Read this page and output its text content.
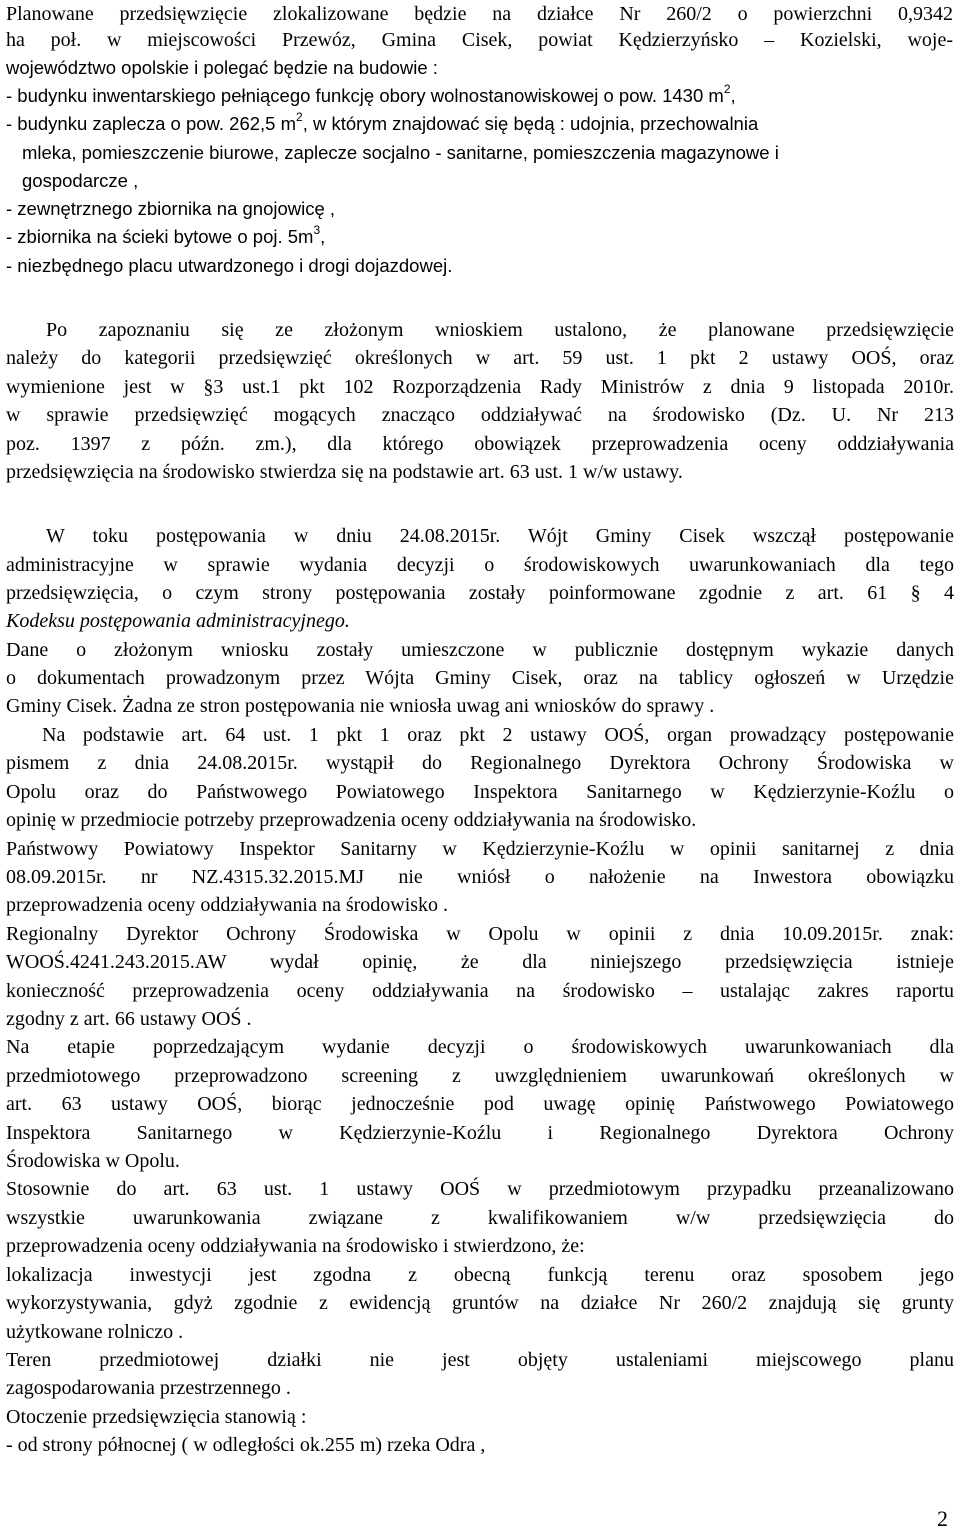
Planowane przedsięwzięcie zlokalizowane będzie na działce Nr 260/2 o powierzchni 0,9342
ha poł. w miejscowości Przewóz, Gmina Cisek, powiat Kędzierzyńsko – Kozielski, woje-
województwo opolskie i polegać będzie na budowie :
- budynku inwentarskiego pełniącego funkcję obory wolnostanowiskowej o pow. 1430 $m^2$,
- budynku zaplecza o pow. 262,5 $m^2$, w którym znajdować się będą : udojnia, przechowalnia
mleka, pomieszczenie biurowe, zaplecze socjalno - sanitarne, pomieszczenia magazynowe i
gospodarcze ,
- zewnętrznego zbiornika na gnojowicę ,
- zbiornika na ścieki bytowe o poj. $5m^3$,
- niezbędnego placu utwardzonego i drogi dojazdowej.
Po zapoznaniu się ze złożonym wnioskiem ustalono, że planowane przedsięwzięcie
należy do kategorii przedsięwzięć określonych w art. 59 ust. 1 pkt 2 ustawy OOŚ, oraz
wymienione jest w §3 ust.1 pkt 102 Rozporządzenia Rady Ministrów z dnia 9 listopada 2010r.
w sprawie przedsięwzięć mogących znacząco oddziaływać na środowisko (Dz. U. Nr 213
poz. 1397 z późn. zm.), dla którego obowiązek przeprowadzenia oceny oddziaływania
przedsięwzięcia na środowisko stwierdza się na podstawie art. 63 ust. 1 w/w ustawy.
W toku postępowania w dniu 24.08.2015r. Wójt Gminy Cisek wszczął postępowanie
administracyjne w sprawie wydania decyzji o środowiskowych uwarunkowaniach dla tego
przedsięwzięcia, o czym strony postępowania zostały poinformowane zgodnie z art. 61 § 4
Kodeksu postępowania administracyjnego.
Dane o złożonym wniosku zostały umieszczone w publicznie dostępnym wykazie danych
o dokumentach prowadzonym przez Wójta Gminy Cisek, oraz na tablicy ogłoszeń w Urzędzie
Gminy Cisek. Żadna ze stron postępowania nie wniosła uwag ani wniosków do sprawy .
Na podstawie art. 64 ust. 1 pkt 1 oraz pkt 2 ustawy OOŚ, organ prowadzący postępowanie
pismem z dnia 24.08.2015r. wystąpił do Regionalnego Dyrektora Ochrony Środowiska w
Opolu oraz do Państwowego Powiatowego Inspektora Sanitarnego w Kędzierzynie-Koźlu o
opinię w przedmiocie potrzeby przeprowadzenia oceny oddziaływania na środowisko.
Państwowy Powiatowy Inspektor Sanitarny w Kędzierzynie-Koźlu w opinii sanitarnej z dnia
08.09.2015r. nr NZ.4315.32.2015.MJ nie wniósł o nałożenie na Inwestora obowiązku
przeprowadzenia oceny oddziaływania na środowisko .
Regionalny Dyrektor Ochrony Środowiska w Opolu w opinii z dnia 10.09.2015r. znak:
WOOŚ.4241.243.2015.AW wydał opinię, że dla niniejszego przedsięwzięcia istnieje
konieczność przeprowadzenia oceny oddziaływania na środowisko – ustalając zakres raportu
zgodny z art. 66 ustawy OOŚ .
Na etapie poprzedzającym wydanie decyzji o środowiskowych uwarunkowaniach dla
przedmiotowego przeprowadzono screening z uwzględnieniem uwarunkowań określonych w
art. 63 ustawy OOŚ, biorąc jednocześnie pod uwagę opinię Państwowego Powiatowego
Inspektora Sanitarnego w Kędzierzynie-Koźlu i Regionalnego Dyrektora Ochrony
Środowiska w Opolu.
Stosownie do art. 63 ust. 1 ustawy OOŚ w przedmiotowym przypadku przeanalizowano
wszystkie uwarunkowania związane z kwalifikowaniem w/w przedsięwzięcia do
przeprowadzenia oceny oddziaływania na środowisko i stwierdzono, że:
lokalizacja inwestycji jest zgodna z obecną funkcją terenu oraz sposobem jego
wykorzystywania, gdyż zgodnie z ewidencją gruntów na działce Nr 260/2 znajdują się grunty
użytkowane rolniczo .
Teren przedmiotowej działki nie jest objęty ustaleniami miejscowego planu
zagospodarowania przestrzennego .
Otoczenie przedsięwzięcia stanowią :
- od strony północnej ( w odległości ok.255 m) rzeka Odra ,
2
